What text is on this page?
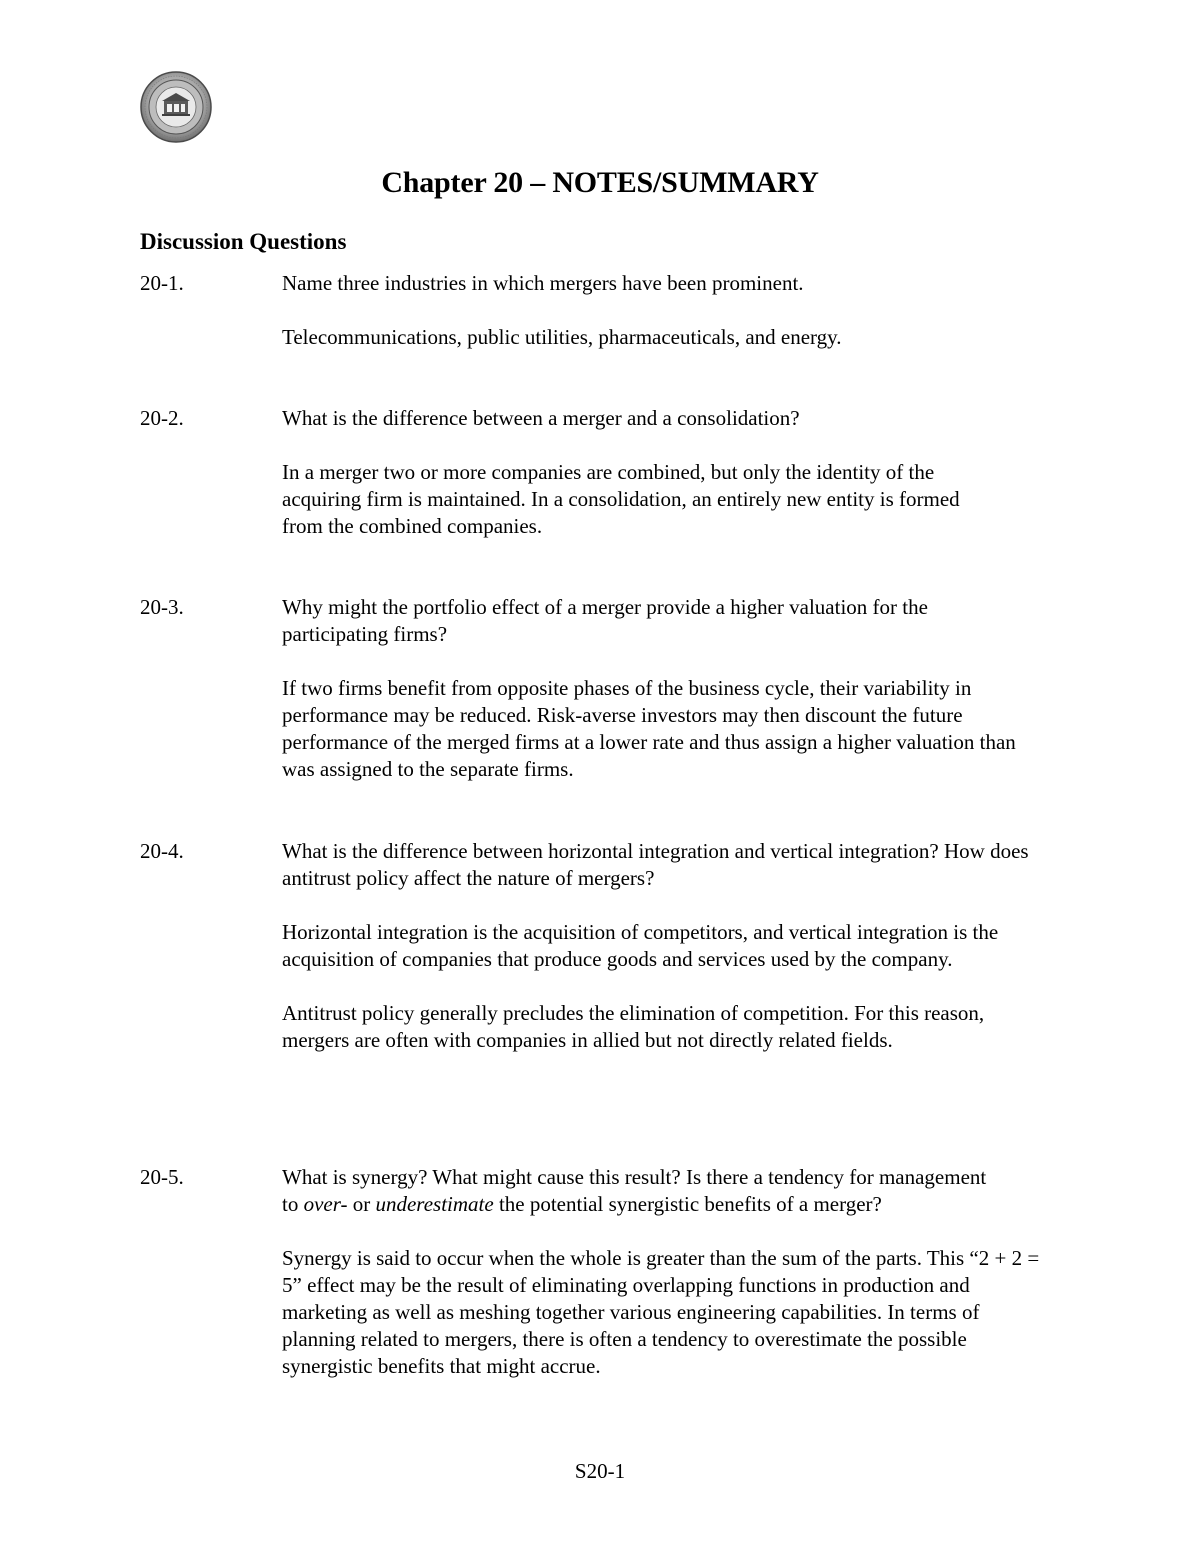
Chapter 20 – NOTES/SUMMARY
Discussion Questions
20-1.	Name three industries in which mergers have been prominent.

Telecommunications, public utilities, pharmaceuticals, and energy.

20-2.	What is the difference between a merger and a consolidation?

In a merger two or more companies are combined, but only the identity of the acquiring firm is maintained. In a consolidation, an entirely new entity is formed from the combined companies.

20-3.	Why might the portfolio effect of a merger provide a higher valuation for the participating firms?

If two firms benefit from opposite phases of the business cycle, their variability in performance may be reduced. Risk-averse investors may then discount the future performance of the merged firms at a lower rate and thus assign a higher valuation than was assigned to the separate firms.

20-4.	What is the difference between horizontal integration and vertical integration? How does antitrust policy affect the nature of mergers?

Horizontal integration is the acquisition of competitors, and vertical integration is the acquisition of companies that produce goods and services used by the company.

Antitrust policy generally precludes the elimination of competition. For this reason, mergers are often with companies in allied but not directly related fields.

20-5.	What is synergy? What might cause this result? Is there a tendency for management to over- or underestimate the potential synergistic benefits of a merger?

Synergy is said to occur when the whole is greater than the sum of the parts. This “2 + 2 = 5” effect may be the result of eliminating overlapping functions in production and marketing as well as meshing together various engineering capabilities. In terms of planning related to mergers, there is often a tendency to overestimate the possible synergistic benefits that might accrue.

S20-1
